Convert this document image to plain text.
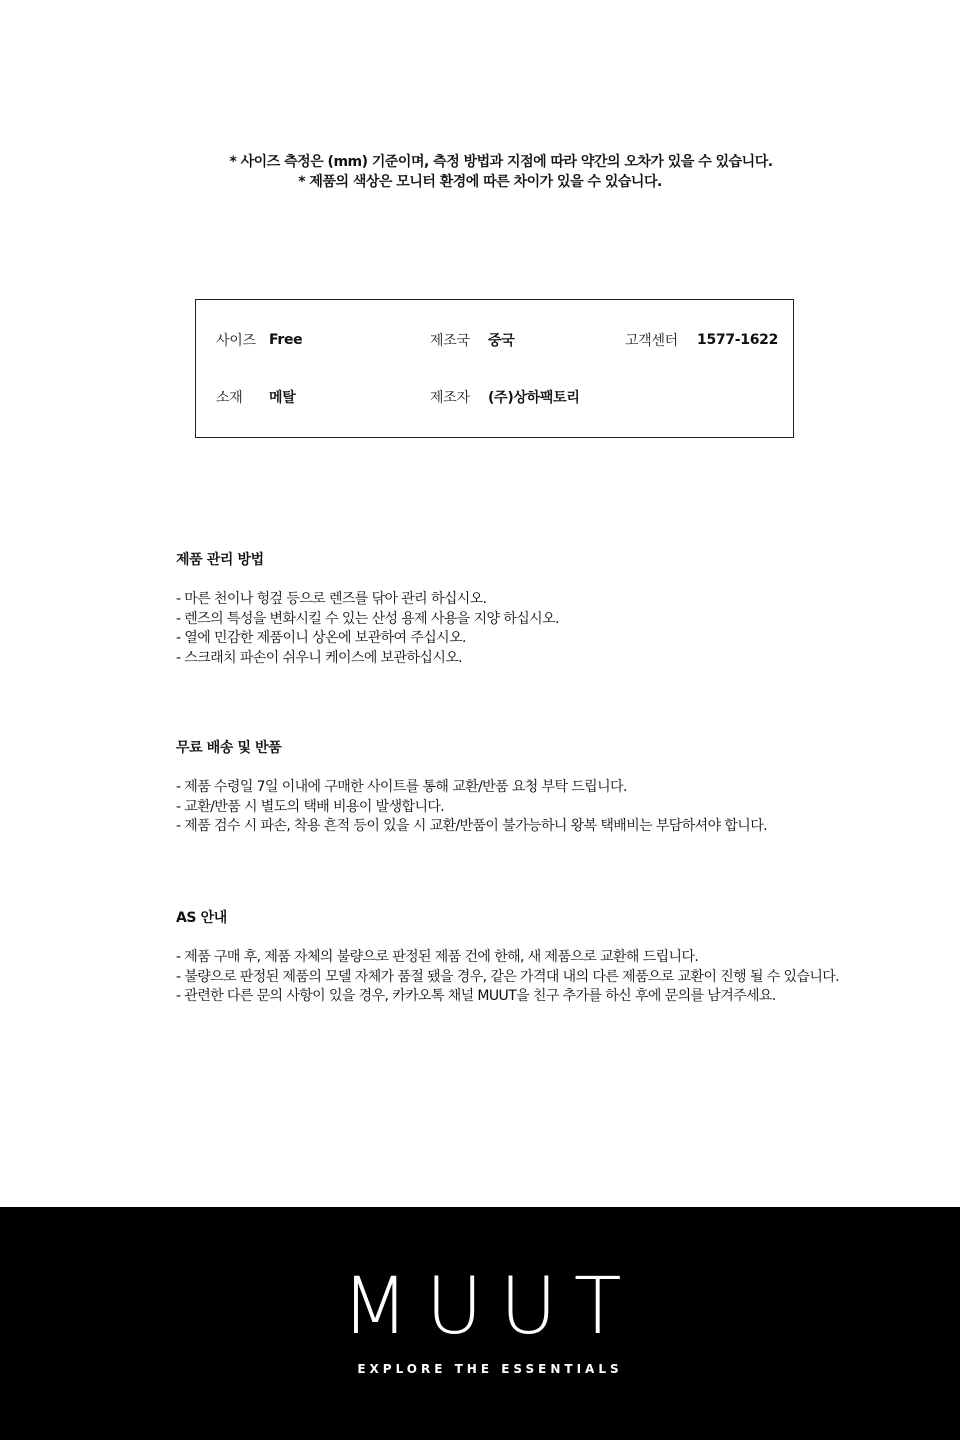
* 사이즈 측정은 (mm) 기준이며, 측정 방법과 지점에 따라 약간의 오차가 있을 수 있습니다.

* 제품의 색상은 모니터 환경에 따른 차이가 있을 수 있습니다.

사이즈 Free	제조국 중국	고객센터 1577-1622
소재 메탈	제조자 (주)상하팩토리
제품 관리 방법
- 마른 천이나 헝겊 등으로 렌즈를 닦아 관리 하십시오.
- 렌즈의 특성을 변화시킬 수 있는 산성 용제 사용을 지양 하십시오.
- 열에 민감한 제품이니 상온에 보관하여 주십시오.
- 스크래치 파손이 쉬우니 케이스에 보관하십시오.
무료 배송 및 반품
- 제품 수령일 7일 이내에 구매한 사이트를 통해 교환/반품 요청 부탁 드립니다.
- 교환/반품 시 별도의 택배 비용이 발생합니다.
- 제품 검수 시 파손, 착용 흔적 등이 있을 시 교환/반품이 불가능하니 왕복 택배비는 부담하셔야 합니다.
AS 안내
- 제품 구매 후, 제품 자체의 불량으로 판정된 제품 건에 한해, 새 제품으로 교환해 드립니다.
- 불량으로 판정된 제품의 모델 자체가 품절 됐을 경우, 같은 가격대 내의 다른 제품으로 교환이 진행 될 수 있습니다.
- 관련한 다른 문의 사항이 있을 경우, 카카오톡 채널 MUUT을 친구 추가를 하신 후에 문의를 남겨주세요.
MUUT
EXPLORE THE ESSENTIALS
